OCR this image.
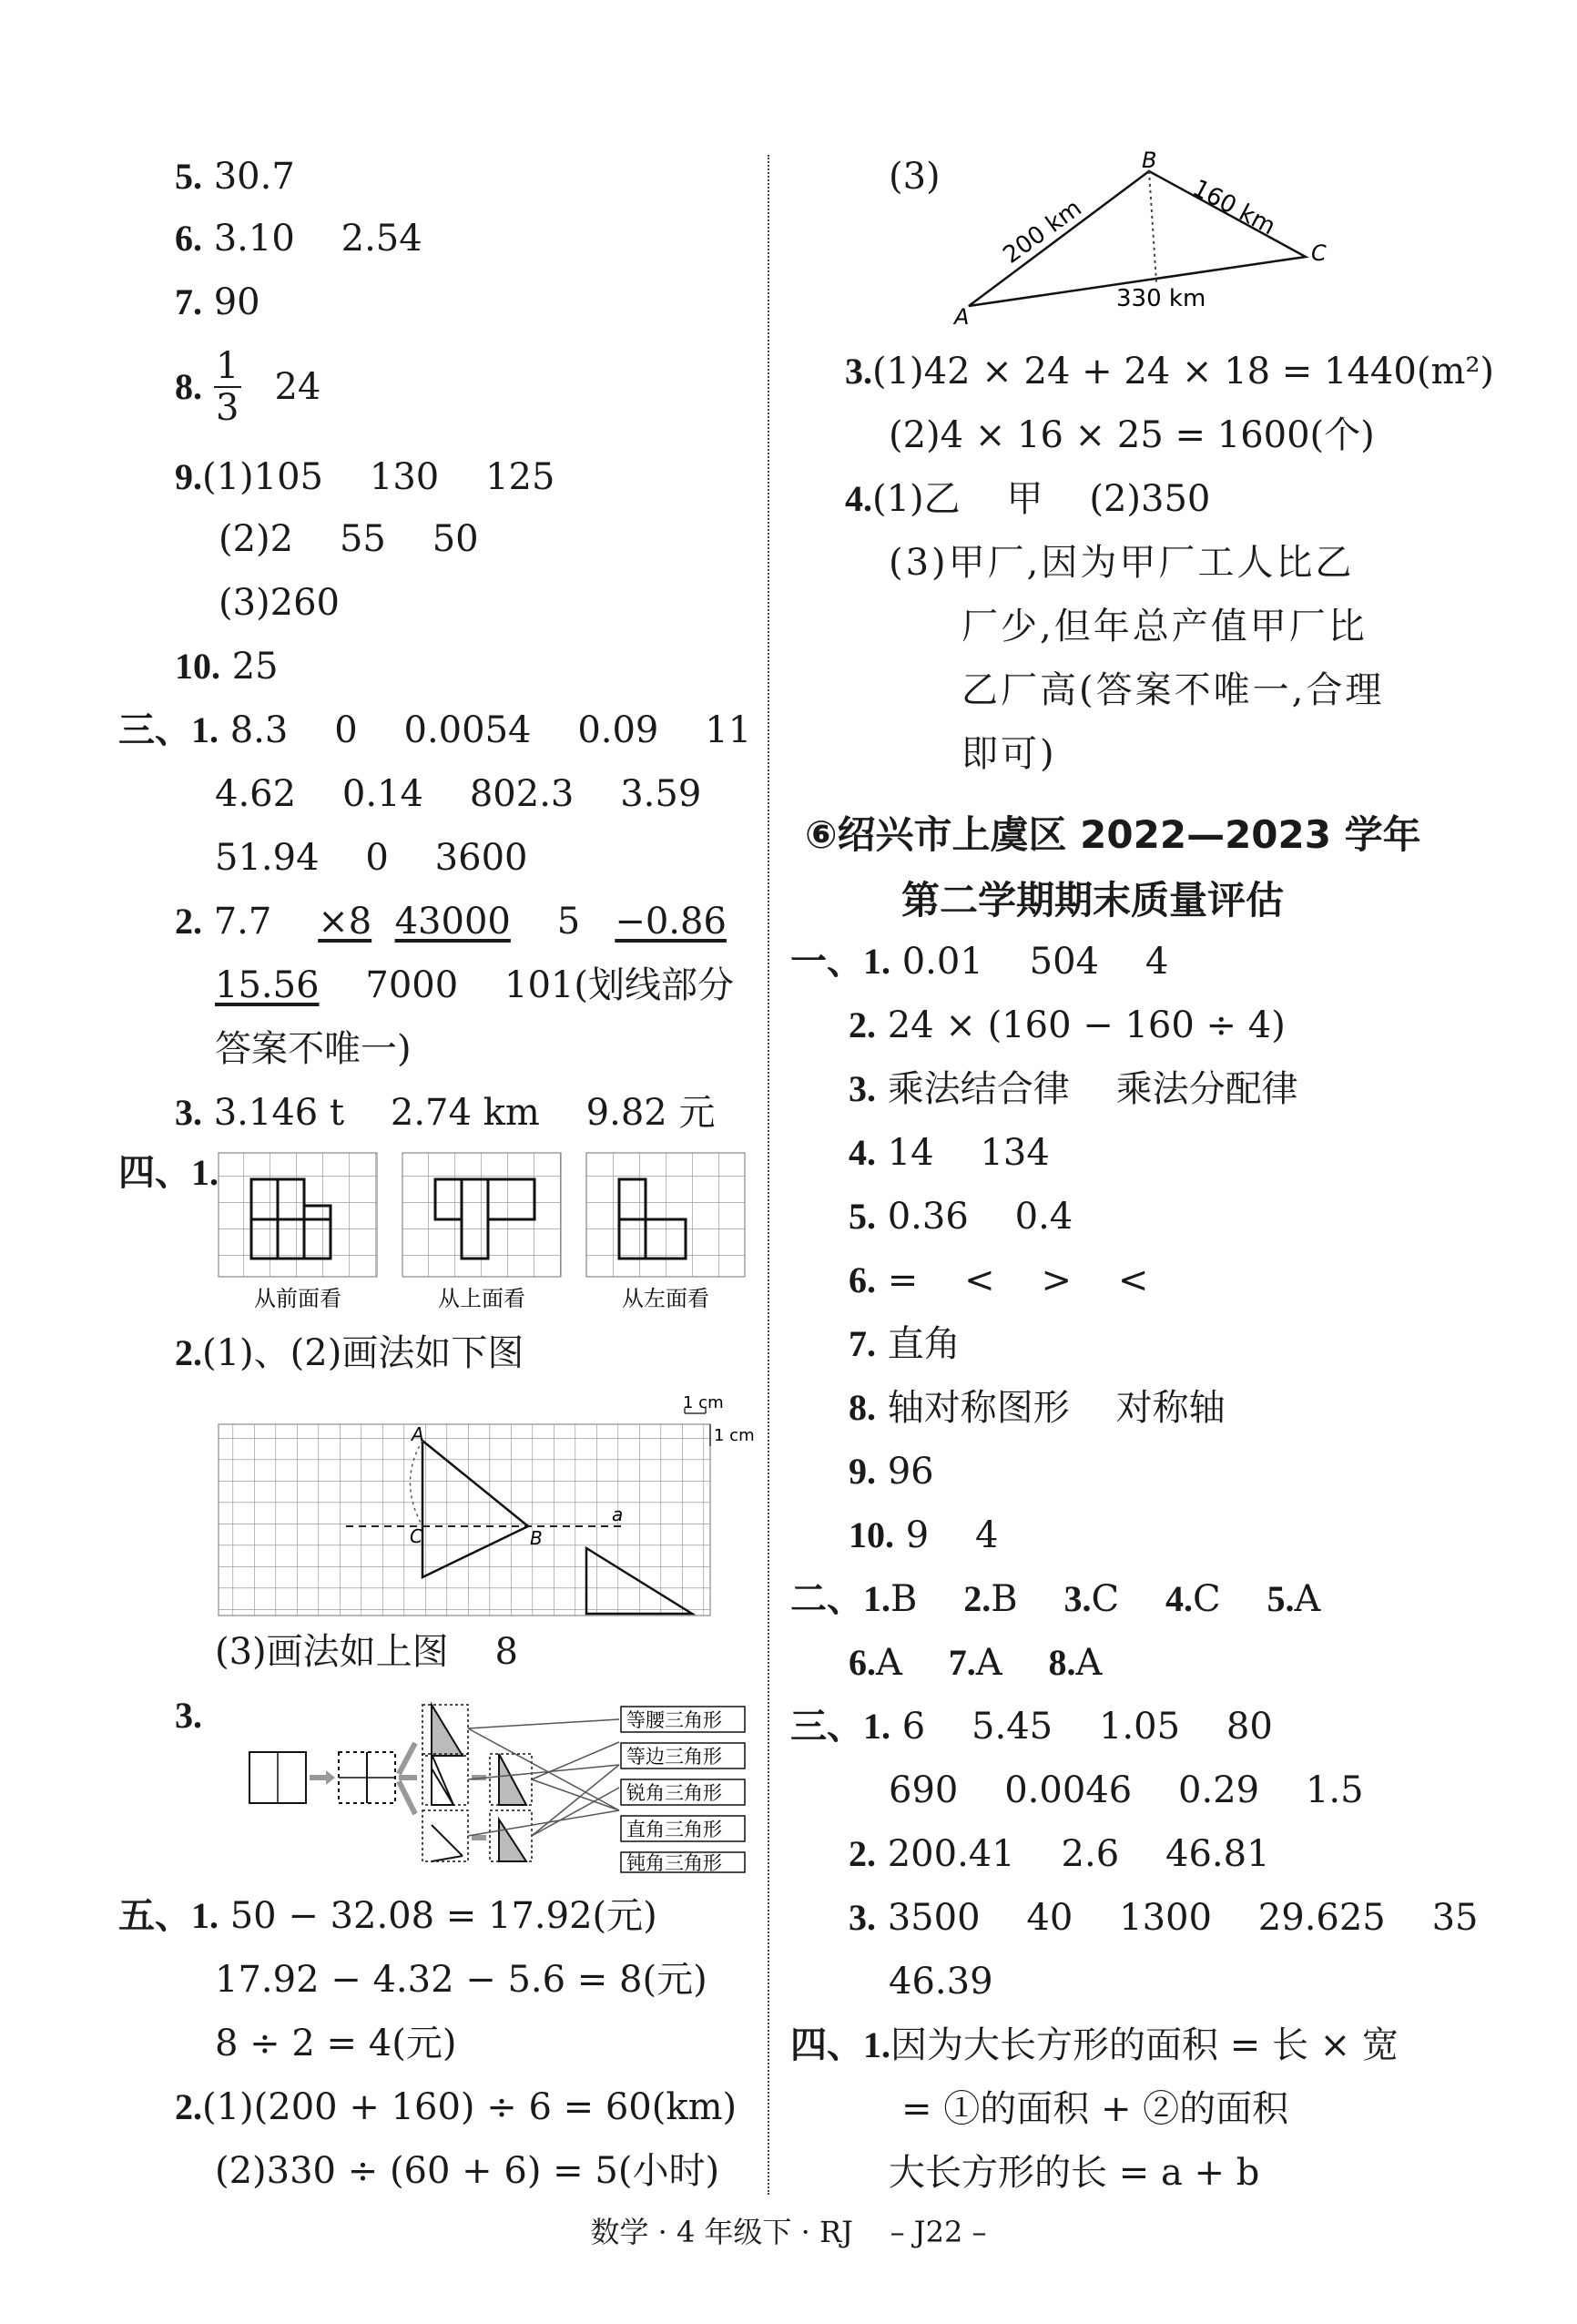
5. 30.7
6. 3.10    2.54
7. 90
8. $\frac{1}{3} 24$
9.(1)105    130    125
(2)2    55    50
(3)260
10. 25
三、1. 8.3    0    0.0054    0.09    11
4.62    0.14    802.3    3.59
51.94    0    3600
2. 7.7 ×8 43000 5 −0.86
15.56 7000 101(划线部分
答案不唯一)
3. 3.146 t    2.74 km    9.82 元
四、1.
从前面看	从上面看	从左面看
2.(1)、(2)画法如下图
1 cm
1 cm
a
A
B
C
(3)画法如上图    8
3.	等腰三角形
等边三角形
锐角三角形
直角三角形
钝角三角形
五、1. 50 − 32.08 = 17.92(元)
17.92 − 4.32 − 5.6 = 8(元)
8 ÷ 2 = 4(元)
2.(1)(200 + 160) ÷ 6 = 60(km)
(2)330 ÷ (60 + 6) = 5(小时)
(3)	B
A
C
200 km	160 km
330 km
3.(1)42 × 24 + 24 × 18 = 1440(m²)
(2)4 × 16 × 25 = 1600(个)
4.(1)乙    甲    (2)350
(3)甲厂,因为甲厂工人比乙
厂少,但年总产值甲厂比
乙厂高(答案不唯一,合理
即可)
⑥绍兴市上虞区 2022—2023 学年
第二学期期末质量评估
一、1. 0.01    504    4
2. 24 × (160 − 160 ÷ 4)
3. 乘法结合律    乘法分配律
4. 14    134
5. 0.36    0.4
6. =    <    >    <
7. 直角
8. 轴对称图形    对称轴
9. 96
10. 9    4
二、1.B 2.B 3.C 4.C 5.A
6.A 7.A 8.A
三、1. 6    5.45    1.05    80
690    0.0046    0.29    1.5
2. 200.41    2.6    46.81
3. 3500    40    1300    29.625    35
46.39
四、1.因为大长方形的面积 = 长 × 宽
= ①的面积 + ②的面积
大长方形的长 = a + b
数学 · 4 年级下 · RJ    – J22 –
